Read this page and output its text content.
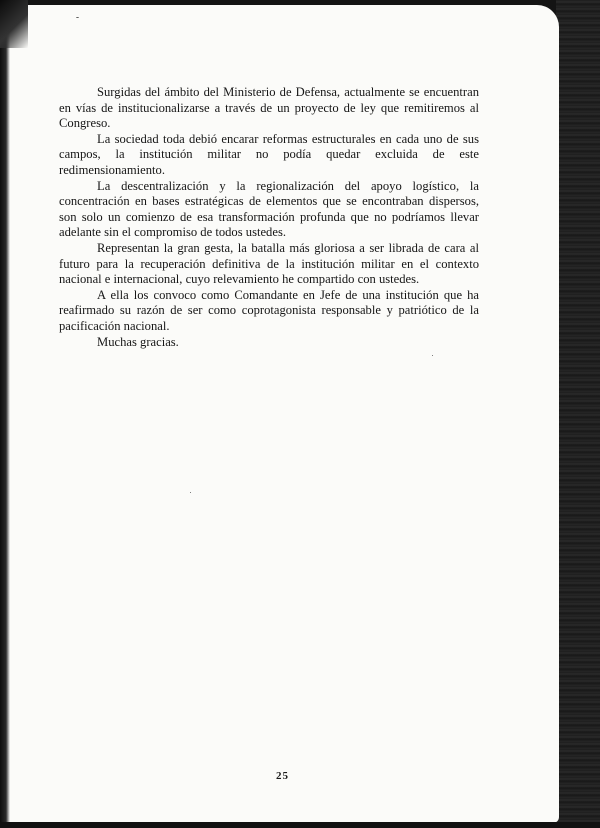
Surgidas del ámbito del Ministerio de Defensa, actualmente se encuentran en vías de institucionalizarse a través de un proyecto de ley que remitiremos al Congreso.

La sociedad toda debió encarar reformas estructurales en cada uno de sus campos, la institución militar no podía quedar excluida de este redimensionamiento.

La descentralización y la regionalización del apoyo logístico, la concentración en bases estratégicas de elementos que se encontraban dispersos, son solo un comienzo de esa transformación profunda que no podríamos llevar adelante sin el compromiso de todos ustedes.

Representan la gran gesta, la batalla más gloriosa a ser librada de cara al futuro para la recuperación definitiva de la institución militar en el contexto nacional e internacional, cuyo relevamiento he compartido con ustedes.

A ella los convoco como Comandante en Jefe de una institución que ha reafirmado su razón de ser como coprotagonista responsable y patriótico de la pacificación nacional.

Muchas gracias.

25
